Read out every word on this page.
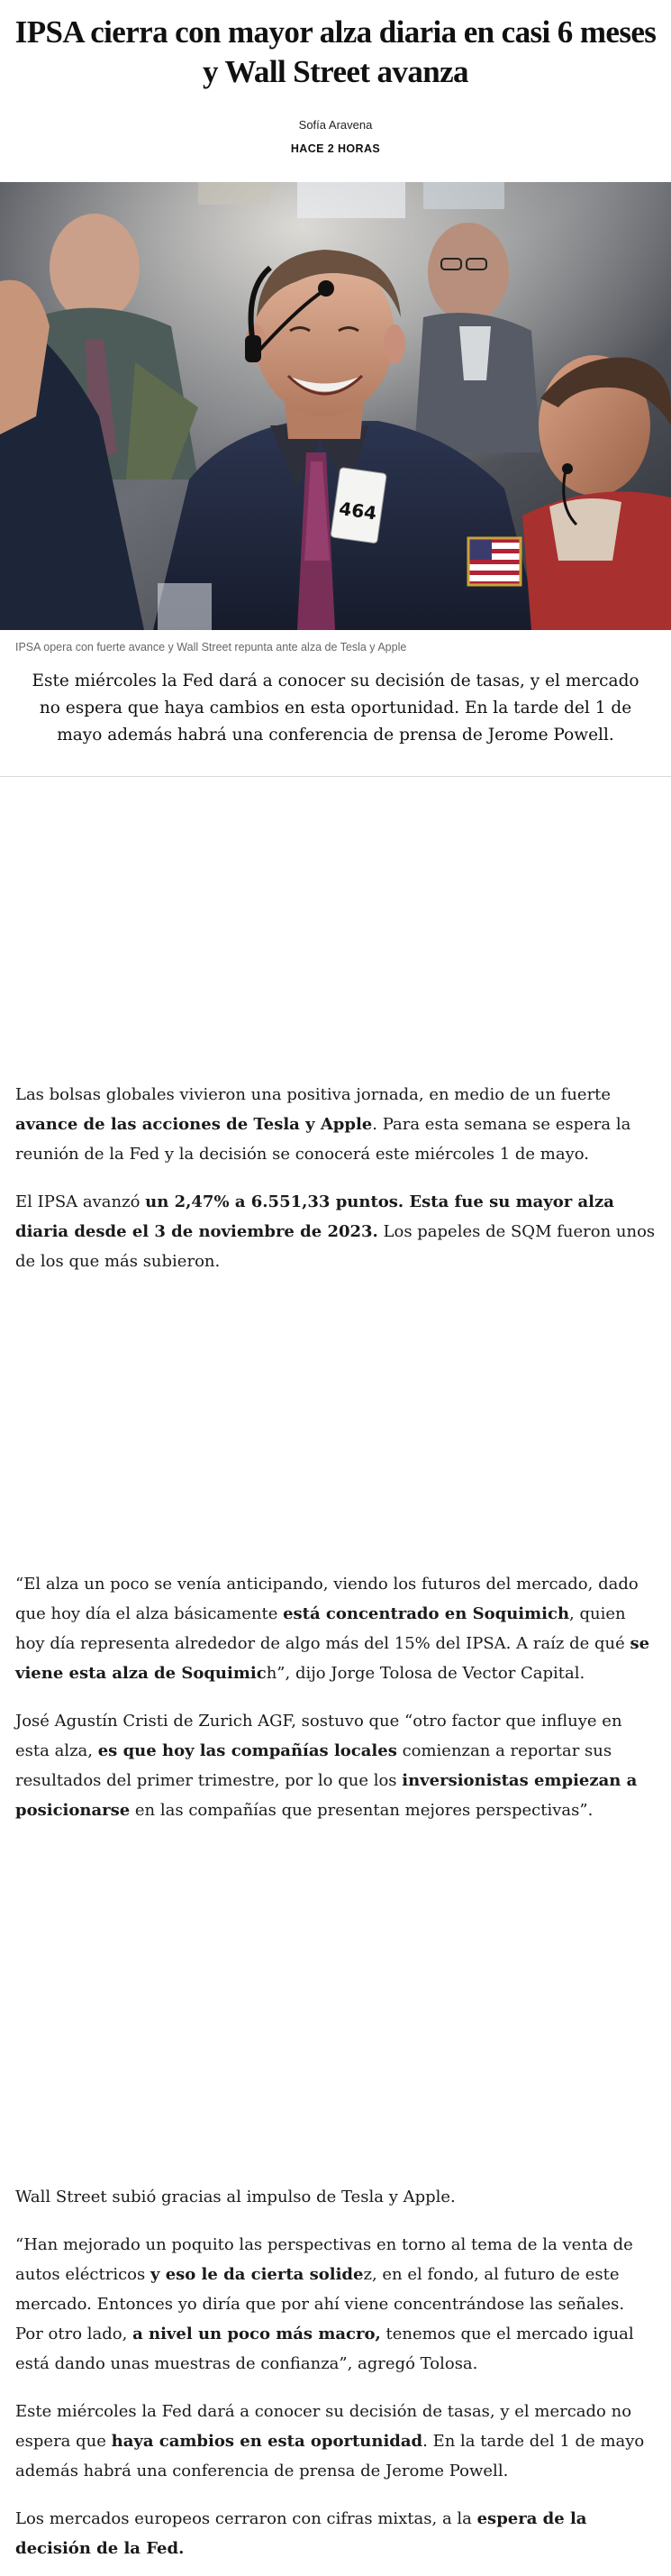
IPSA cierra con mayor alza diaria en casi 6 meses y Wall Street avanza
Sofía Aravena
HACE 2 HORAS
464

IPSA opera con fuerte avance y Wall Street repunta ante alza de Tesla y Apple

Este miércoles la Fed dará a conocer su decisión de tasas, y el mercado no espera que haya cambios en esta oportunidad. En la tarde del 1 de mayo además habrá una conferencia de prensa de Jerome Powell.

Las bolsas globales vivieron una positiva jornada, en medio de un fuerte avance de las acciones de Tesla y Apple. Para esta semana se espera la reunión de la Fed y la decisión se conocerá este miércoles 1 de mayo.

El IPSA avanzó un 2,47% a 6.551,33 puntos. Esta fue su mayor alza diaria desde el 3 de noviembre de 2023. Los papeles de SQM fueron unos de los que más subieron.

“El alza un poco se venía anticipando, viendo los futuros del mercado, dado que hoy día el alza básicamente está concentrado en Soquimich, quien hoy día representa alrededor de algo más del 15% del IPSA. A raíz de qué se viene esta alza de Soquimich”, dijo Jorge Tolosa de Vector Capital.

José Agustín Cristi de Zurich AGF, sostuvo que “otro factor que influye en esta alza, es que hoy las compañías locales comienzan a reportar sus resultados del primer trimestre, por lo que los inversionistas empiezan a posicionarse en las compañías que presentan mejores perspectivas”.

Wall Street subió gracias al impulso de Tesla y Apple.

“Han mejorado un poquito las perspectivas en torno al tema de la venta de autos eléctricos y eso le da cierta solidez, en el fondo, al futuro de este mercado. Entonces yo diría que por ahí viene concentrándose las señales. Por otro lado, a nivel un poco más macro, tenemos que el mercado igual está dando unas muestras de confianza”, agregó Tolosa.

Este miércoles la Fed dará a conocer su decisión de tasas, y el mercado no espera que haya cambios en esta oportunidad. En la tarde del 1 de mayo además habrá una conferencia de prensa de Jerome Powell.

Los mercados europeos cerraron con cifras mixtas, a la espera de la decisión de la Fed.
